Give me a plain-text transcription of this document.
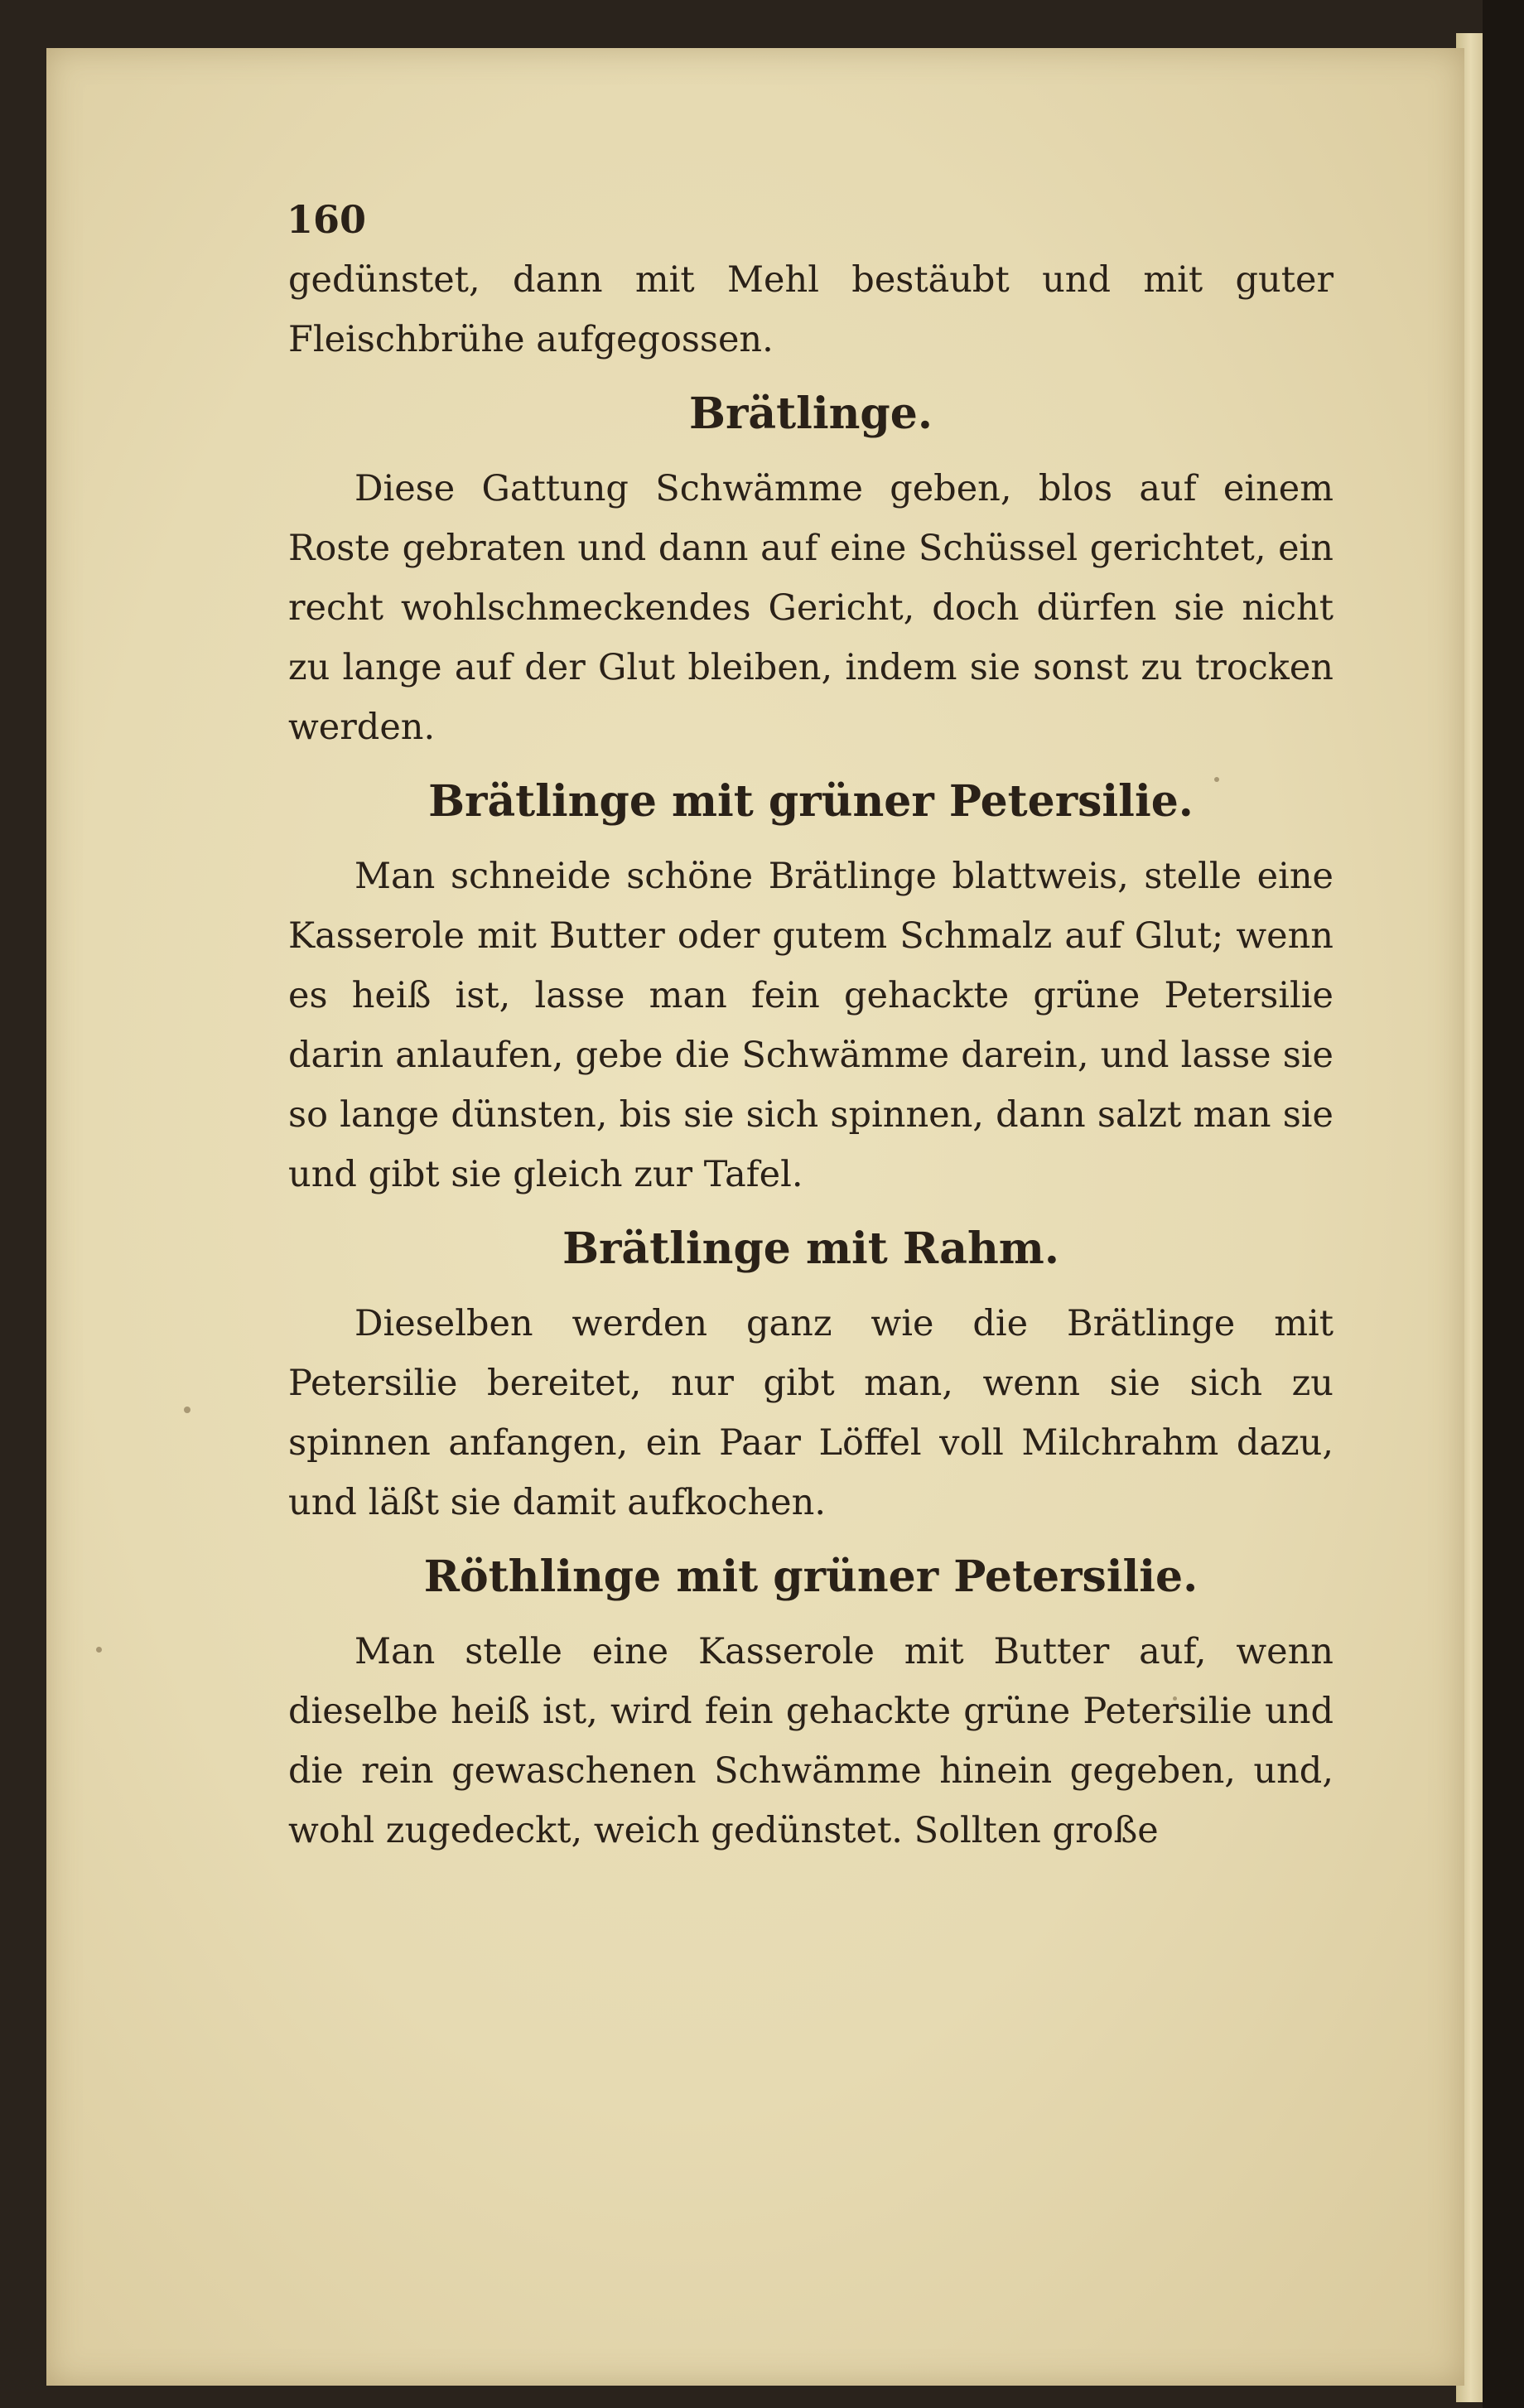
160

gedünstet, dann mit Mehl bestäubt und mit guter Fleischbrühe aufgegossen.

Brätlinge.

Diese Gattung Schwämme geben, blos auf einem Roste gebraten und dann auf eine Schüssel gerichtet, ein recht wohlschmeckendes Gericht, doch dürfen sie nicht zu lange auf der Glut bleiben, indem sie sonst zu trocken werden.

Brätlinge mit grüner Petersilie.

Man schneide schöne Brätlinge blattweis, stelle eine Kasserole mit Butter oder gutem Schmalz auf Glut; wenn es heiß ist, lasse man fein gehackte grüne Petersilie darin anlaufen, gebe die Schwämme darein, und lasse sie so lange dünsten, bis sie sich spinnen, dann salzt man sie und gibt sie gleich zur Tafel.

Brätlinge mit Rahm.

Dieselben werden ganz wie die Brätlinge mit Petersilie bereitet, nur gibt man, wenn sie sich zu spinnen anfangen, ein Paar Löffel voll Milchrahm dazu, und läßt sie damit aufkochen.

Röthlinge mit grüner Petersilie.

Man stelle eine Kasserole mit Butter auf, wenn dieselbe heiß ist, wird fein gehackte grüne Petersilie und die rein gewaschenen Schwämme hinein gegeben, und, wohl zugedeckt, weich gedünstet. Sollten große
